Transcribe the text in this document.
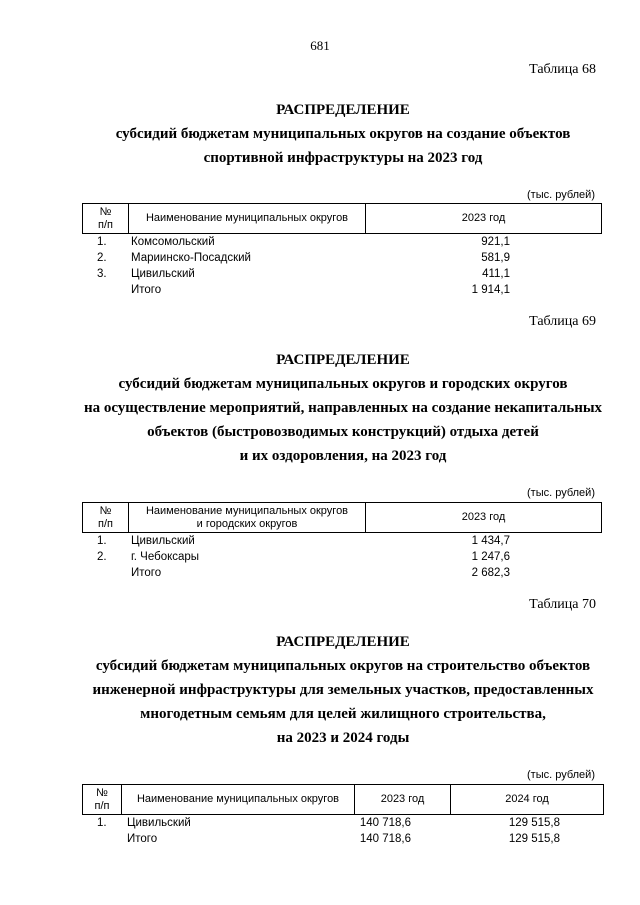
681
Таблица 68
РАСПРЕДЕЛЕНИЕ
субсидий бюджетам муниципальных округов на создание объектов
спортивной инфраструктуры на 2023 год
(тыс. рублей)
№
п/п
Наименование муниципальных округов	2023 год
1. Комсомольский	921,1
2. Мариинско-Посадский	581,9
3. Цивильский	411,1
Итого	1 914,1
Таблица 69
РАСПРЕДЕЛЕНИЕ
субсидий бюджетам муниципальных округов и городских округов
на осуществление мероприятий, направленных на создание некапитальных
объектов (быстровозводимых конструкций) отдыха детей
и их оздоровления, на 2023 год
(тыс. рублей)
№
п/п
Наименование муниципальных округов
и городских округов
2023 год
1. Цивильский	1 434,7
2. г. Чебоксары	1 247,6
Итого	2 682,3
Таблица 70
РАСПРЕДЕЛЕНИЕ
субсидий бюджетам муниципальных округов на строительство объектов
инженерной инфраструктуры для земельных участков, предоставленных
многодетным семьям для целей жилищного строительства,
на 2023 и 2024 годы
(тыс. рублей)
№
п/п
Наименование муниципальных округов	2023 год	2024 год
1. Цивильский	140 718,6	129 515,8
Итого	140 718,6	129 515,8
